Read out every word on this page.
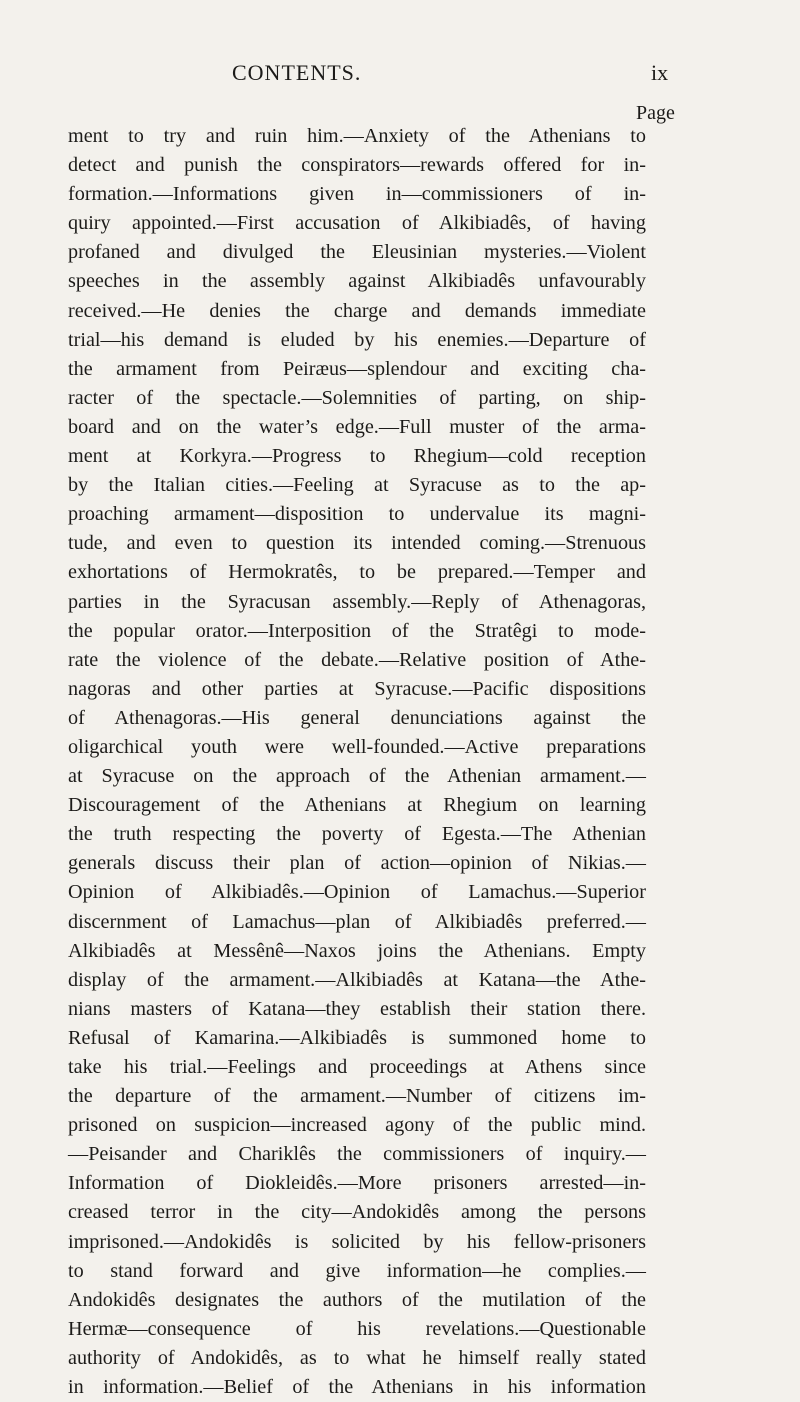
CONTENTS.	ix
Page
ment to try and ruin him.—Anxiety of the Athenians to
detect and punish the conspirators—rewards offered for in-
formation.—Informations given in—commissioners of in-
quiry appointed.—First accusation of Alkibiadês, of having
profaned and divulged the Eleusinian mysteries.—Violent
speeches in the assembly against Alkibiadês unfavourably
received.—He denies the charge and demands immediate
trial—his demand is eluded by his enemies.—Departure of
the armament from Peiræus—splendour and exciting cha-
racter of the spectacle.—Solemnities of parting, on ship-
board and on the water’s edge.—Full muster of the arma-
ment at Korkyra.—Progress to Rhegium—cold reception
by the Italian cities.—Feeling at Syracuse as to the ap-
proaching armament—disposition to undervalue its magni-
tude, and even to question its intended coming.—Strenuous
exhortations of Hermokratês, to be prepared.—Temper and
parties in the Syracusan assembly.—Reply of Athenagoras,
the popular orator.—Interposition of the Stratêgi to mode-
rate the violence of the debate.—Relative position of Athe-
nagoras and other parties at Syracuse.—Pacific dispositions
of Athenagoras.—His general denunciations against the
oligarchical youth were well-founded.—Active preparations
at Syracuse on the approach of the Athenian armament.—
Discouragement of the Athenians at Rhegium on learning
the truth respecting the poverty of Egesta.—The Athenian
generals discuss their plan of action—opinion of Nikias.—
Opinion of Alkibiadês.—Opinion of Lamachus.—Superior
discernment of Lamachus—plan of Alkibiadês preferred.—
Alkibiadês at Messênê—Naxos joins the Athenians. Empty
display of the armament.—Alkibiadês at Katana—the Athe-
nians masters of Katana—they establish their station there.
Refusal of Kamarina.—Alkibiadês is summoned home to
take his trial.—Feelings and proceedings at Athens since
the departure of the armament.—Number of citizens im-
prisoned on suspicion—increased agony of the public mind.
—Peisander and Chariklês the commissioners of inquiry.—
Information of Diokleidês.—More prisoners arrested—in-
creased terror in the city—Andokidês among the persons
imprisoned.—Andokidês is solicited by his fellow-prisoners
to stand forward and give information—he complies.—
Andokidês designates the authors of the mutilation of the
Hermæ—consequence of his revelations.—Questionable
authority of Andokidês, as to what he himself really stated
in information.—Belief of the Athenians in his information
